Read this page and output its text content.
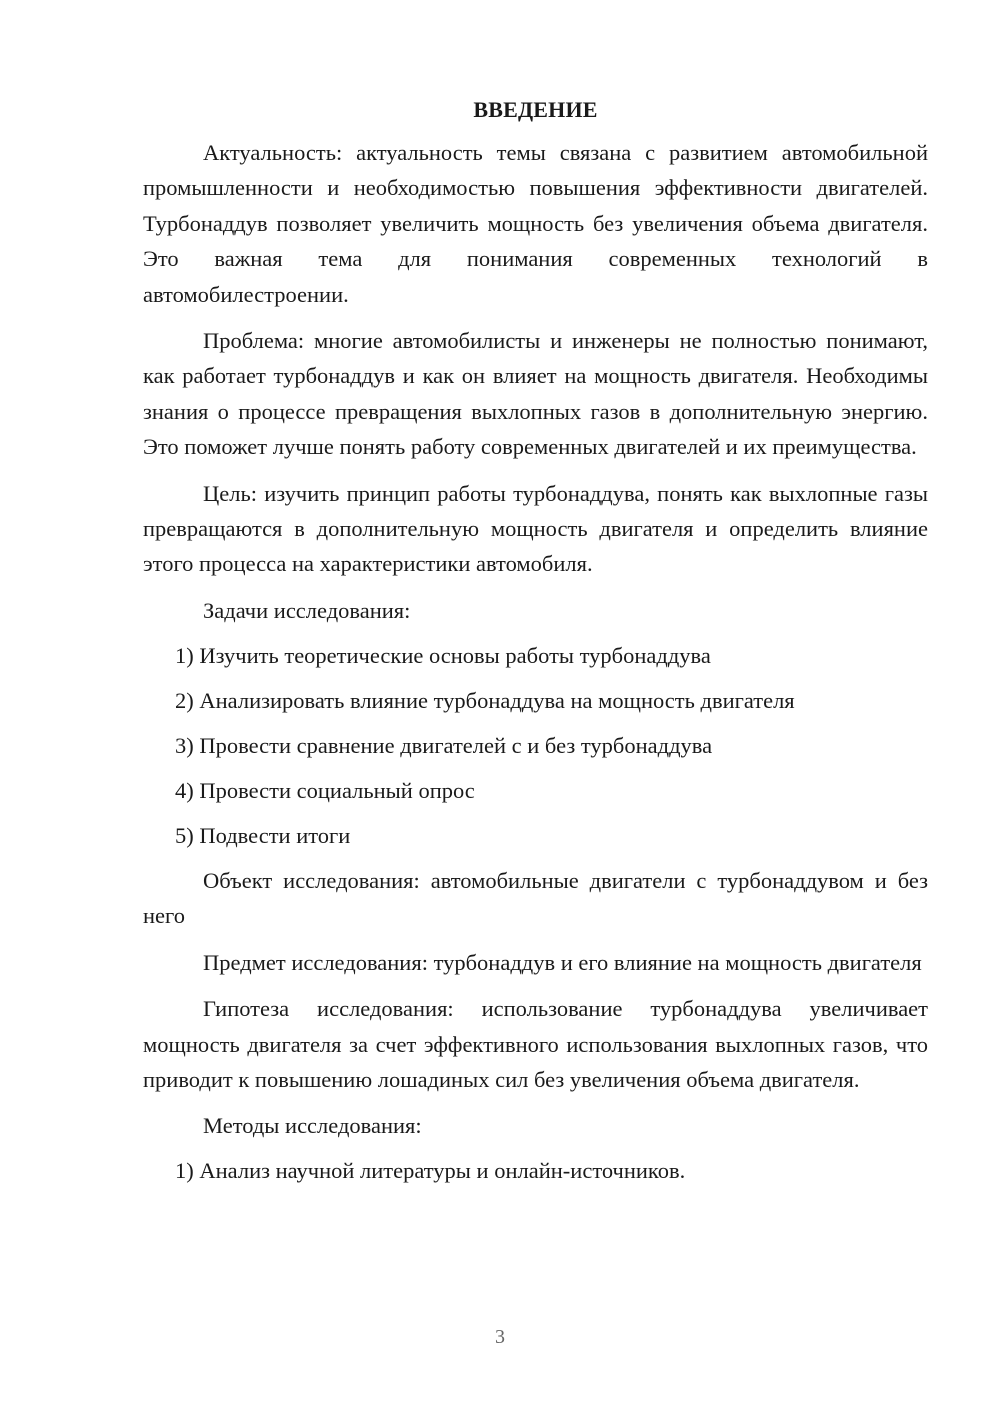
ВВЕДЕНИЕ

Актуальность: актуальность темы связана с развитием автомобильной промышленности и необходимостью повышения эффективности двигателей. Турбонаддув позволяет увеличить мощность без увеличения объема двигателя. Это важная тема для понимания современных технологий в автомобилестроении.

Проблема: многие автомобилисты и инженеры не полностью понимают, как работает турбонаддув и как он влияет на мощность двигателя. Необходимы знания о процессе превращения выхлопных газов в дополнительную энергию. Это поможет лучше понять работу современных двигателей и их преимущества.

Цель: изучить принцип работы турбонаддува, понять как выхлопные газы превращаются в дополнительную мощность двигателя и определить влияние этого процесса на характеристики автомобиля.

Задачи исследования:
1) Изучить теоретические основы работы турбонаддува
2) Анализировать влияние турбонаддува на мощность двигателя
3) Провести сравнение двигателей с и без турбонаддува
4) Провести социальный опрос
5) Подвести итоги

Объект исследования: автомобильные двигатели с турбонаддувом и без него

Предмет исследования: турбонаддув и его влияние на мощность двигателя

Гипотеза исследования: использование турбонаддува увеличивает мощность двигателя за счет эффективного использования выхлопных газов, что приводит к повышению лошадиных сил без увеличения объема двигателя.

Методы исследования:
1) Анализ научной литературы и онлайн-источников.
3
